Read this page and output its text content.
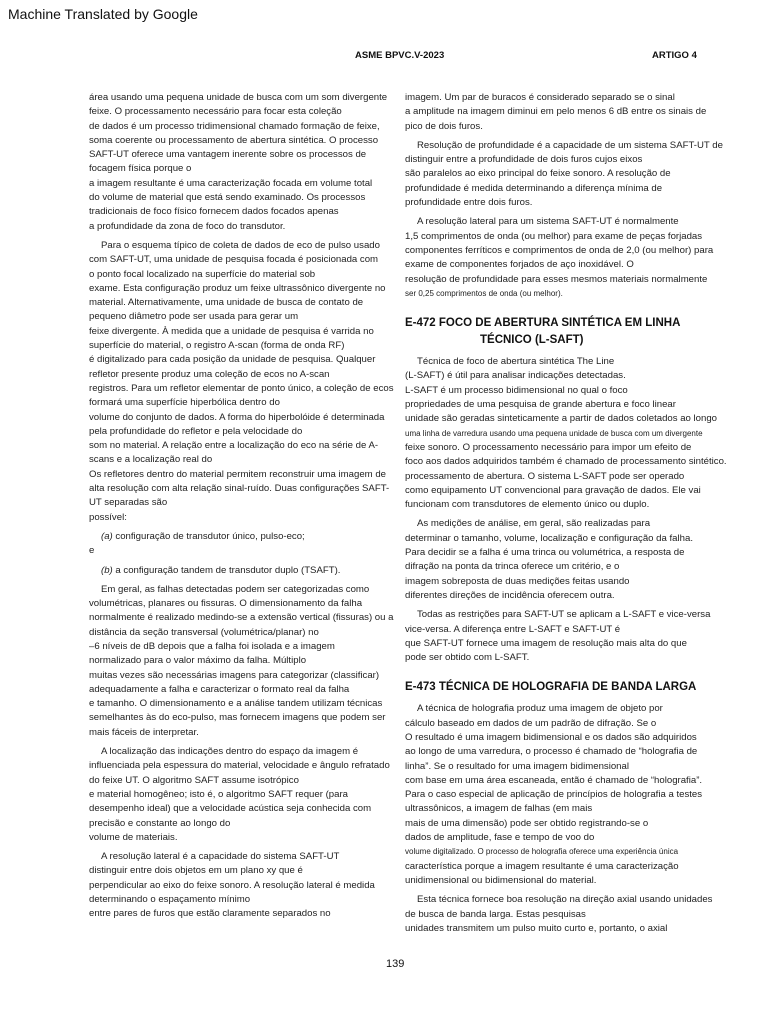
Machine Translated by Google
ASME BPVC.V-2023	ARTIGO 4
área usando uma pequena unidade de busca com um som divergente
feixe. O processamento necessário para focar esta coleção
de dados é um processo tridimensional chamado formação de feixe,
soma coerente ou processamento de abertura sintética. O processo
SAFT-UT oferece uma vantagem inerente sobre os processos de
focagem física porque o
a imagem resultante é uma caracterização focada em volume total
do volume de material que está sendo examinado. Os processos
tradicionais de foco físico fornecem dados focados apenas
a profundidade da zona de foco do transdutor.
Para o esquema típico de coleta de dados de eco de pulso usado
com SAFT-UT, uma unidade de pesquisa focada é posicionada com
o ponto focal localizado na superfície do material sob
exame. Esta configuração produz um feixe ultrassônico divergente no
material. Alternativamente, uma unidade de busca de contato de
pequeno diâmetro pode ser usada para gerar um
feixe divergente. À medida que a unidade de pesquisa é varrida no
superfície do material, o registro A-scan (forma de onda RF)
é digitalizado para cada posição da unidade de pesquisa. Qualquer
refletor presente produz uma coleção de ecos no A-scan
registros. Para um refletor elementar de ponto único, a coleção de ecos
formará uma superfície hiperbólica dentro do
volume do conjunto de dados. A forma do hiperbolóide é determinada
pela profundidade do refletor e pela velocidade do
som no material. A relação entre a localização do eco na série de A-
scans e a localização real do
Os refletores dentro do material permitem reconstruir uma imagem de
alta resolução com alta relação sinal-ruído. Duas configurações SAFT-
UT separadas são
possível:
(a) configuração de transdutor único, pulso-eco;
e
(b) a configuração tandem de transdutor duplo (TSAFT).
Em geral, as falhas detectadas podem ser categorizadas como
volumétricas, planares ou fissuras. O dimensionamento da falha
normalmente é realizado medindo-se a extensão vertical (fissuras) ou a
distância da seção transversal (volumétrica/planar) no
–6 níveis de dB depois que a falha foi isolada e a imagem
normalizado para o valor máximo da falha. Múltiplo
muitas vezes são necessárias imagens para categorizar (classificar)
adequadamente a falha e caracterizar o formato real da falha
e tamanho. O dimensionamento e a análise tandem utilizam técnicas
semelhantes às do eco-pulso, mas fornecem imagens que podem ser
mais fáceis de interpretar.
A localização das indicações dentro do espaço da imagem é
influenciada pela espessura do material, velocidade e ângulo refratado
do feixe UT. O algoritmo SAFT assume isotrópico
e material homogêneo; isto é, o algoritmo SAFT requer (para
desempenho ideal) que a velocidade acústica seja conhecida com
precisão e constante ao longo do
volume de materiais.
A resolução lateral é a capacidade do sistema SAFT-UT
distinguir entre dois objetos em um plano xy que é
perpendicular ao eixo do feixe sonoro. A resolução lateral é medida
determinando o espaçamento mínimo
entre pares de furos que estão claramente separados no
imagem. Um par de buracos é considerado separado se o sinal
a amplitude na imagem diminui em pelo menos 6 dB entre os sinais de
pico de dois furos.
Resolução de profundidade é a capacidade de um sistema SAFT-UT de
distinguir entre a profundidade de dois furos cujos eixos
são paralelos ao eixo principal do feixe sonoro. A resolução de
profundidade é medida determinando a diferença mínima de
profundidade entre dois furos.
A resolução lateral para um sistema SAFT-UT é normalmente
1,5 comprimentos de onda (ou melhor) para exame de peças forjadas
componentes ferríticos e comprimentos de onda de 2,0 (ou melhor) para
exame de componentes forjados de aço inoxidável. O
resolução de profundidade para esses mesmos materiais normalmente
ser 0,25 comprimentos de onda (ou melhor).
E-472 FOCO DE ABERTURA SINTÉTICA EM LINHA
TÉCNICO (L-SAFT)
Técnica de foco de abertura sintética The Line
(L-SAFT) é útil para analisar indicações detectadas.
L-SAFT é um processo bidimensional no qual o foco
propriedades de uma pesquisa de grande abertura e foco linear
unidade são geradas sinteticamente a partir de dados coletados ao longo
uma linha de varredura usando uma pequena unidade de busca com um divergente
feixe sonoro. O processamento necessário para impor um efeito de
foco aos dados adquiridos também é chamado de processamento sintético.
processamento de abertura. O sistema L-SAFT pode ser operado
como equipamento UT convencional para gravação de dados. Ele vai
funcionam com transdutores de elemento único ou duplo.
As medições de análise, em geral, são realizadas para
determinar o tamanho, volume, localização e configuração da falha.
Para decidir se a falha é uma trinca ou volumétrica, a resposta de
difração na ponta da trinca oferece um critério, e o
imagem sobreposta de duas medições feitas usando
diferentes direções de incidência oferecem outra.
Todas as restrições para SAFT-UT se aplicam a L-SAFT e vice-versa
vice-versa. A diferença entre L-SAFT e SAFT-UT é
que SAFT-UT fornece uma imagem de resolução mais alta do que
pode ser obtido com L-SAFT.
E-473 TÉCNICA DE HOLOGRAFIA DE BANDA LARGA
A técnica de holografia produz uma imagem de objeto por
cálculo baseado em dados de um padrão de difração. Se o
O resultado é uma imagem bidimensional e os dados são adquiridos
ao longo de uma varredura, o processo é chamado de “holografia de
linha”. Se o resultado for uma imagem bidimensional
com base em uma área escaneada, então é chamado de “holografia”.
Para o caso especial de aplicação de princípios de holografia a testes
ultrassônicos, a imagem de falhas (em mais
mais de uma dimensão) pode ser obtido registrando-se o
dados de amplitude, fase e tempo de voo do
volume digitalizado. O processo de holografia oferece uma experiência única
característica porque a imagem resultante é uma caracterização
unidimensional ou bidimensional do material.
Esta técnica fornece boa resolução na direção axial usando unidades
de busca de banda larga. Estas pesquisas
unidades transmitem um pulso muito curto e, portanto, o axial
139
